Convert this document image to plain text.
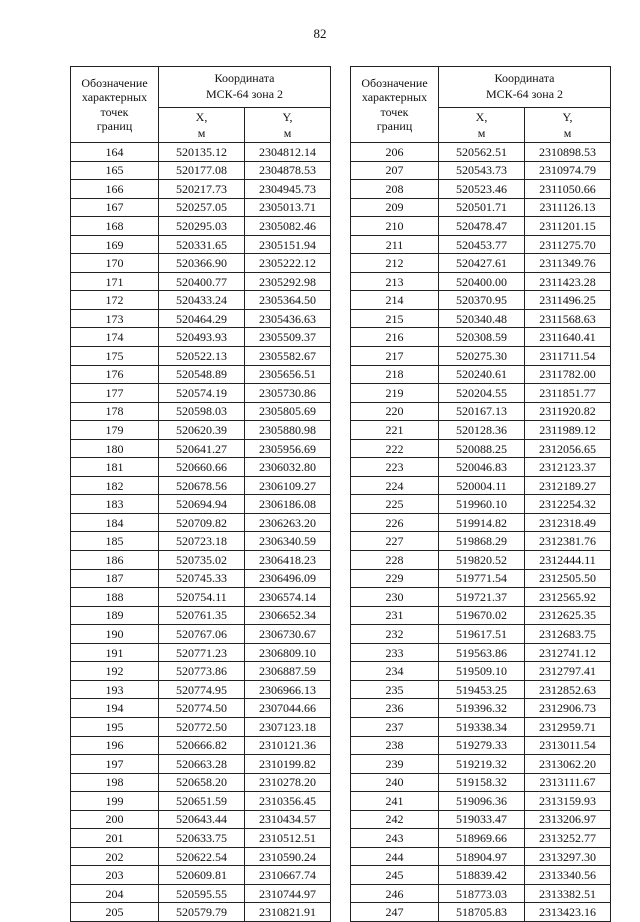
82
Обозначение
характерных
точек
границ	Координата
МСК-64 зона 2	
	X,
м	Y,
м
164	520135.12	2304812.14
165	520177.08	2304878.53
166	520217.73	2304945.73
167	520257.05	2305013.71
168	520295.03	2305082.46
169	520331.65	2305151.94
170	520366.90	2305222.12
171	520400.77	2305292.98
172	520433.24	2305364.50
173	520464.29	2305436.63
174	520493.93	2305509.37
175	520522.13	2305582.67
176	520548.89	2305656.51
177	520574.19	2305730.86
178	520598.03	2305805.69
179	520620.39	2305880.98
180	520641.27	2305956.69
181	520660.66	2306032.80
182	520678.56	2306109.27
183	520694.94	2306186.08
184	520709.82	2306263.20
185	520723.18	2306340.59
186	520735.02	2306418.23
187	520745.33	2306496.09
188	520754.11	2306574.14
189	520761.35	2306652.34
190	520767.06	2306730.67
191	520771.23	2306809.10
192	520773.86	2306887.59
193	520774.95	2306966.13
194	520774.50	2307044.66
195	520772.50	2307123.18
196	520666.82	2310121.36
197	520663.28	2310199.82
198	520658.20	2310278.20
199	520651.59	2310356.45
200	520643.44	2310434.57
201	520633.75	2310512.51
202	520622.54	2310590.24
203	520609.81	2310667.74
204	520595.55	2310744.97
205	520579.79	2310821.91
Обозначение
характерных
точек
границ	Координата
МСК-64 зона 2	
	X,
м	Y,
м
206	520562.51	2310898.53
207	520543.73	2310974.79
208	520523.46	2311050.66
209	520501.71	2311126.13
210	520478.47	2311201.15
211	520453.77	2311275.70
212	520427.61	2311349.76
213	520400.00	2311423.28
214	520370.95	2311496.25
215	520340.48	2311568.63
216	520308.59	2311640.41
217	520275.30	2311711.54
218	520240.61	2311782.00
219	520204.55	2311851.77
220	520167.13	2311920.82
221	520128.36	2311989.12
222	520088.25	2312056.65
223	520046.83	2312123.37
224	520004.11	2312189.27
225	519960.10	2312254.32
226	519914.82	2312318.49
227	519868.29	2312381.76
228	519820.52	2312444.11
229	519771.54	2312505.50
230	519721.37	2312565.92
231	519670.02	2312625.35
232	519617.51	2312683.75
233	519563.86	2312741.12
234	519509.10	2312797.41
235	519453.25	2312852.63
236	519396.32	2312906.73
237	519338.34	2312959.71
238	519279.33	2313011.54
239	519219.32	2313062.20
240	519158.32	2313111.67
241	519096.36	2313159.93
242	519033.47	2313206.97
243	518969.66	2313252.77
244	518904.97	2313297.30
245	518839.42	2313340.56
246	518773.03	2313382.51
247	518705.83	2313423.16
